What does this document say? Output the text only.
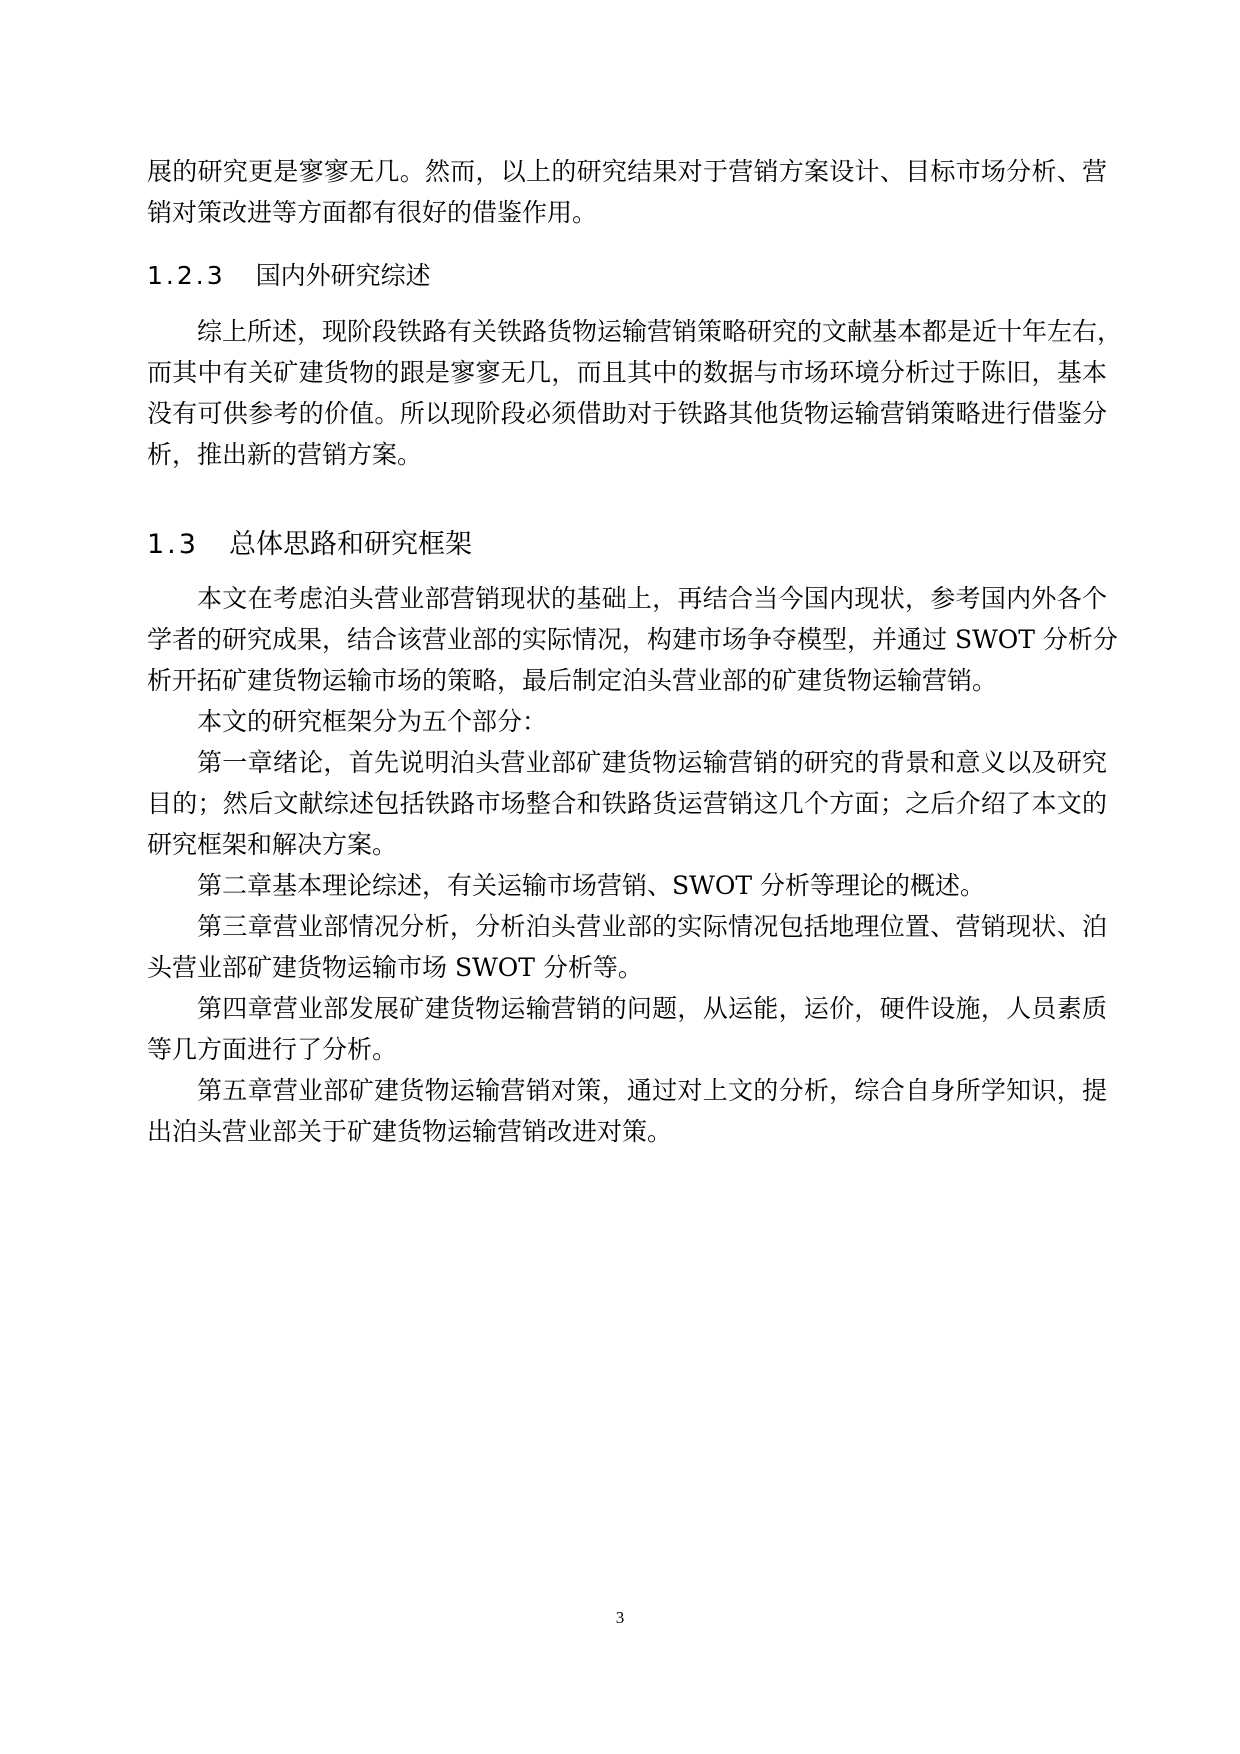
1.2.3 国内外研究综述
1.3 总体思路和研究框架
3
展的研究更是寥寥无几。然而，以上的研究结果对于营销方案设计、目标市场分析、营
销对策改进等方面都有很好的借鉴作用。
综上所述，现阶段铁路有关铁路货物运输营销策略研究的文献基本都是近十年左右，
而其中有关矿建货物的跟是寥寥无几，而且其中的数据与市场环境分析过于陈旧，基本
没有可供参考的价值。所以现阶段必须借助对于铁路其他货物运输营销策略进行借鉴分
析，推出新的营销方案。
本文在考虑泊头营业部营销现状的基础上，再结合当今国内现状，参考国内外各个
学者的研究成果，结合该营业部的实际情况，构建市场争夺模型，并通过 SWOT 分析分
析开拓矿建货物运输市场的策略，最后制定泊头营业部的矿建货物运输营销。
本文的研究框架分为五个部分：
第一章绪论，首先说明泊头营业部矿建货物运输营销的研究的背景和意义以及研究
目的；然后文献综述包括铁路市场整合和铁路货运营销这几个方面；之后介绍了本文的
研究框架和解决方案。
第二章基本理论综述，有关运输市场营销、SWOT 分析等理论的概述。
第三章营业部情况分析，分析泊头营业部的实际情况包括地理位置、营销现状、泊
头营业部矿建货物运输市场 SWOT 分析等。
第四章营业部发展矿建货物运输营销的问题，从运能，运价，硬件设施，人员素质
等几方面进行了分析。
第五章营业部矿建货物运输营销对策，通过对上文的分析，综合自身所学知识，提
出泊头营业部关于矿建货物运输营销改进对策。
